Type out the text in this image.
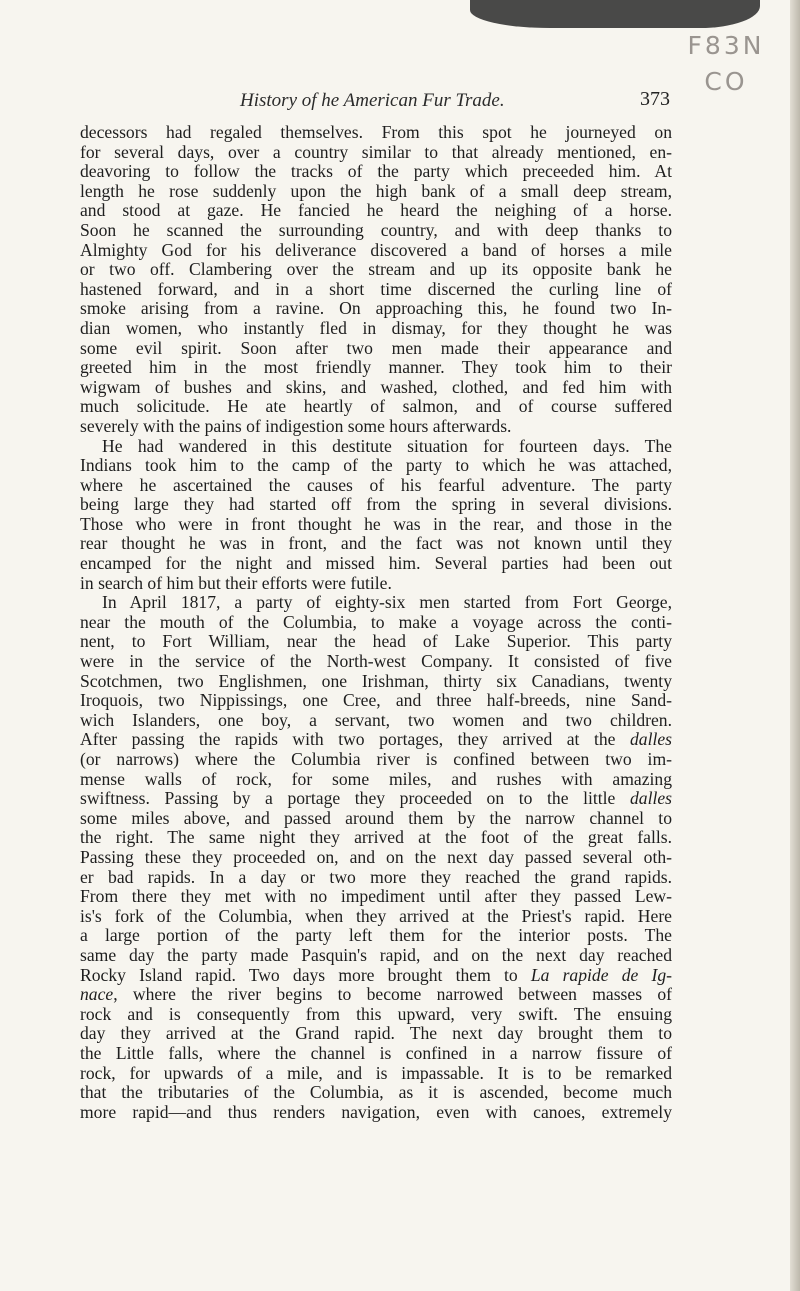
F83N
CO
History of he American Fur Trade.	373
decessors had regaled themselves. From this spot he journeyed on
for several days, over a country similar to that already mentioned, en-
deavoring to follow the tracks of the party which preceeded him. At
length he rose suddenly upon the high bank of a small deep stream,
and stood at gaze. He fancied he heard the neighing of a horse.
Soon he scanned the surrounding country, and with deep thanks to
Almighty God for his deliverance discovered a band of horses a mile
or two off. Clambering over the stream and up its opposite bank he
hastened forward, and in a short time discerned the curling line of
smoke arising from a ravine. On approaching this, he found two In-
dian women, who instantly fled in dismay, for they thought he was
some evil spirit. Soon after two men made their appearance and
greeted him in the most friendly manner. They took him to their
wigwam of bushes and skins, and washed, clothed, and fed him with
much solicitude. He ate heartly of salmon, and of course suffered
severely with the pains of indigestion some hours afterwards.
He had wandered in this destitute situation for fourteen days. The
Indians took him to the camp of the party to which he was attached,
where he ascertained the causes of his fearful adventure. The party
being large they had started off from the spring in several divisions.
Those who were in front thought he was in the rear, and those in the
rear thought he was in front, and the fact was not known until they
encamped for the night and missed him. Several parties had been out
in search of him but their efforts were futile.
In April 1817, a party of eighty-six men started from Fort George,
near the mouth of the Columbia, to make a voyage across the conti-
nent, to Fort William, near the head of Lake Superior. This party
were in the service of the North-west Company. It consisted of five
Scotchmen, two Englishmen, one Irishman, thirty six Canadians, twenty
Iroquois, two Nippissings, one Cree, and three half-breeds, nine Sand-
wich Islanders, one boy, a servant, two women and two children.
After passing the rapids with two portages, they arrived at the dalles
(or narrows) where the Columbia river is confined between two im-
mense walls of rock, for some miles, and rushes with amazing
swiftness. Passing by a portage they proceeded on to the little dalles
some miles above, and passed around them by the narrow channel to
the right. The same night they arrived at the foot of the great falls.
Passing these they proceeded on, and on the next day passed several oth-
er bad rapids. In a day or two more they reached the grand rapids.
From there they met with no impediment until after they passed Lew-
is's fork of the Columbia, when they arrived at the Priest's rapid. Here
a large portion of the party left them for the interior posts. The
same day the party made Pasquin's rapid, and on the next day reached
Rocky Island rapid. Two days more brought them to La rapide de Ig-
nace, where the river begins to become narrowed between masses of
rock and is consequently from this upward, very swift. The ensuing
day they arrived at the Grand rapid. The next day brought them to
the Little falls, where the channel is confined in a narrow fissure of
rock, for upwards of a mile, and is impassable. It is to be remarked
that the tributaries of the Columbia, as it is ascended, become much
more rapid—and thus renders navigation, even with canoes, extremely
